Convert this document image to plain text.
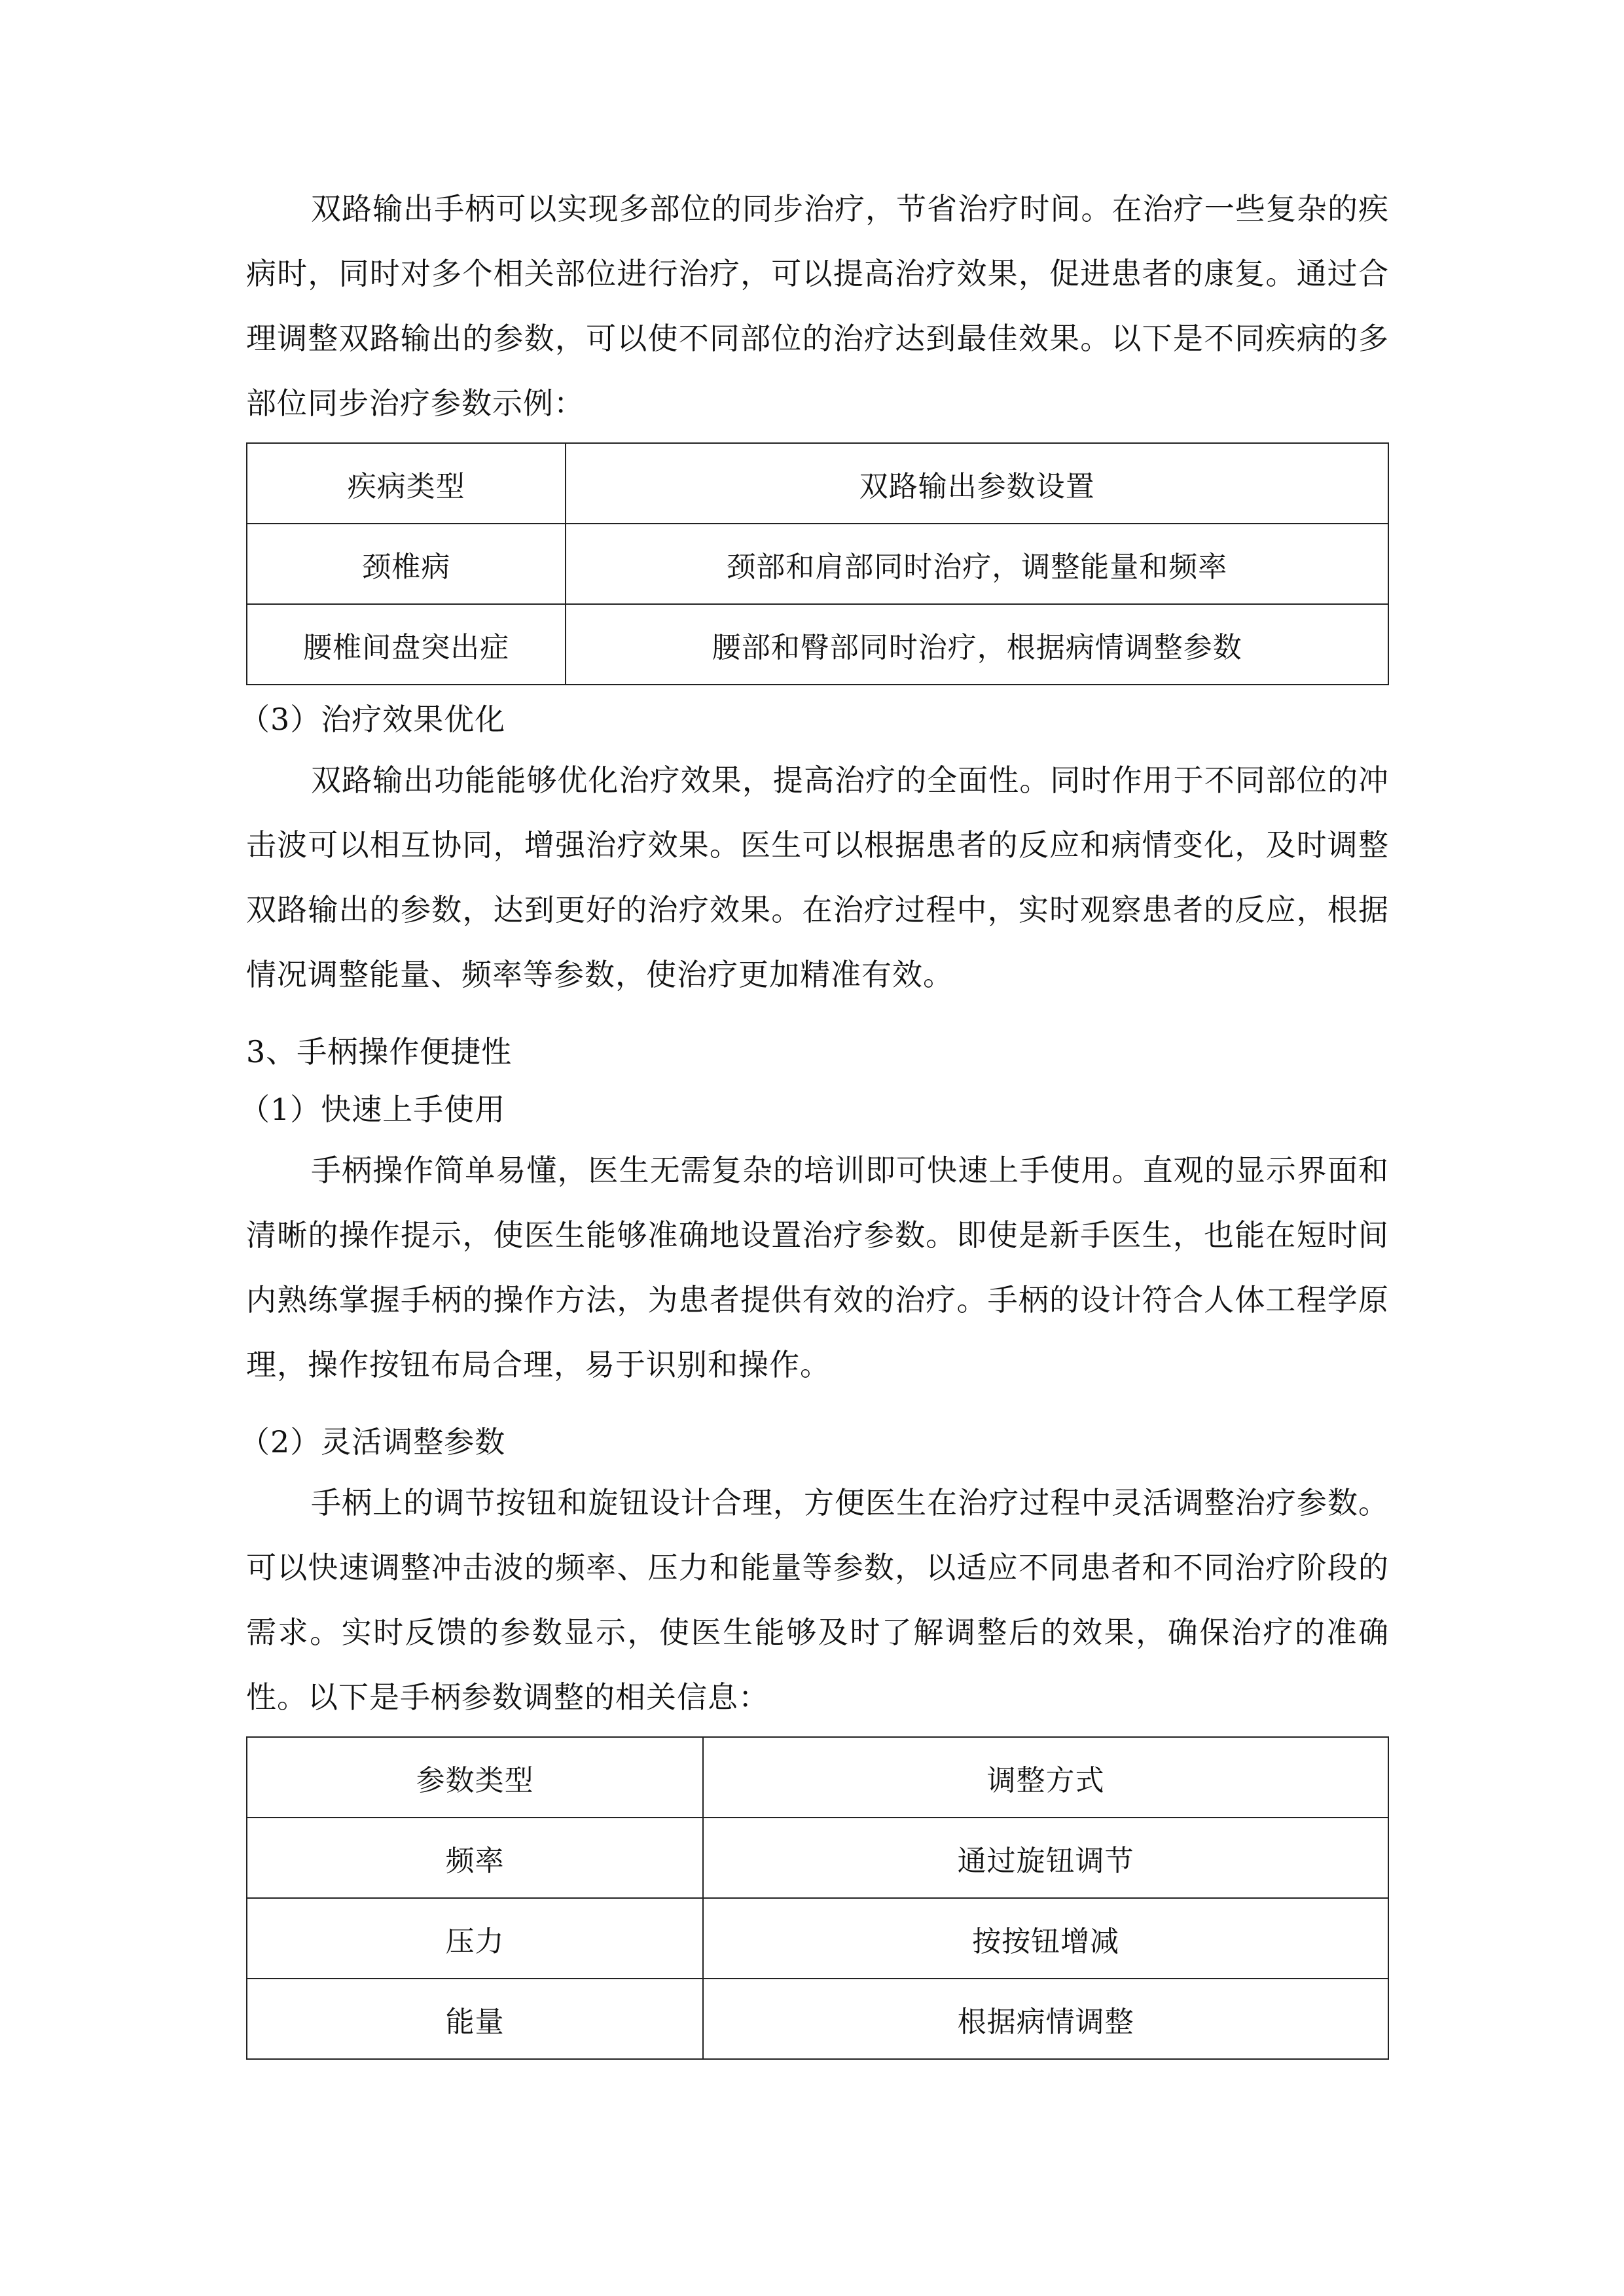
双路输出手柄可以实现多部位的同步治疗，节省治疗时间。在治疗一些复杂的疾病时，同时对多个相关部位进行治疗，可以提高治疗效果，促进患者的康复。通过合理调整双路输出的参数，可以使不同部位的治疗达到最佳效果。以下是不同疾病的多部位同步治疗参数示例：

疾病类型	双路输出参数设置
颈椎病	颈部和肩部同时治疗，调整能量和频率
腰椎间盘突出症	腰部和臀部同时治疗，根据病情调整参数

（3）治疗效果优化

双路输出功能能够优化治疗效果，提高治疗的全面性。同时作用于不同部位的冲击波可以相互协同，增强治疗效果。医生可以根据患者的反应和病情变化，及时调整双路输出的参数，达到更好的治疗效果。在治疗过程中，实时观察患者的反应，根据情况调整能量、频率等参数，使治疗更加精准有效。

3、手柄操作便捷性

（1）快速上手使用

手柄操作简单易懂，医生无需复杂的培训即可快速上手使用。直观的显示界面和清晰的操作提示，使医生能够准确地设置治疗参数。即使是新手医生，也能在短时间内熟练掌握手柄的操作方法，为患者提供有效的治疗。手柄的设计符合人体工程学原理，操作按钮布局合理，易于识别和操作。

（2）灵活调整参数

手柄上的调节按钮和旋钮设计合理，方便医生在治疗过程中灵活调整治疗参数。可以快速调整冲击波的频率、压力和能量等参数，以适应不同患者和不同治疗阶段的需求。实时反馈的参数显示，使医生能够及时了解调整后的效果，确保治疗的准确性。以下是手柄参数调整的相关信息：

参数类型	调整方式
频率	通过旋钮调节
压力	按按钮增减
能量	根据病情调整
